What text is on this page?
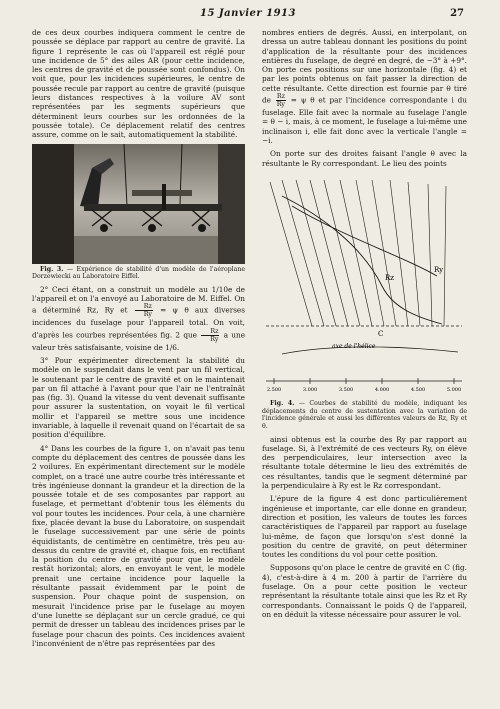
15 Janvier 1913	27

de ces deux courbes indiquera comment le centre de poussée se déplace par rapport au centre de gravité. La figure 1 représente le cas où l'appareil est réglé pour une incidence de 5° des ailes AR (pour cette incidence, les centres de gravité et de poussée sont confondus). On voit que, pour les incidences supérieures, le centre de poussée recule par rapport au centre de gravité (puisque leurs distances respectives à la voilure AV sont représentées par les segments supérieurs que déterminent leurs courbes sur les ordonnées de la poussée totale). Ce déplacement relatif des centres assure, comme on le sait, automatiquement la stabilité.

Fig. 3. — Expérience de stabilité d'un modèle de l'aéroplane Dorzewiecki au Laboratoire Eiffel.

2° Ceci étant, on a construit un modèle au 1/10e de l'appareil et on l'a envoyé au Laboratoire de M. Eiffel. On a déterminé Rz, Ry et $\frac{Rz}{Ry} = \psi$ θ aux diverses incidences du fuselage pour l'appareil total. On voit, d'après les courbes représentées fig. 2 que $\frac{Rz}{Ry}$ a une valeur très satisfaisante, voisine de 1/6.

3° Pour expérimenter directement la stabilité du modèle on le suspendait dans le vent par un fil vertical, le soutenant par le centre de gravité et on le maintenait par un fil attaché à l'avant pour que l'air ne l'entraînât pas (fig. 3). Quand la vitesse du vent devenait suffisante pour assurer la sustentation, on voyait le fil vertical mollir et l'appareil se mettre sous une incidence invariable, à laquelle il revenait quand on l'écartait de sa position d'équilibre.

4° Dans les courbes de la figure 1, on n'avait pas tenu compte du déplacement des centres de poussée dans les 2 voilures. En expérimentant directement sur le modèle complet, on a tracé une autre courbe très intéressante et très ingénieuse donnant la grandeur et la direction de la poussée totale et de ses composantes par rapport au fuselage, et permettant d'obtenir tous les éléments du vol pour toutes les incidences. Pour cela, à une charnière fixe, placée devant la buse du Laboratoire, on suspendait le fuselage successivement par une série de points équidistants, de centimètre en centimètre, très peu au-dessus du centre de gravité et, chaque fois, en rectifiant la position du centre de gravité pour que le modèle restât horizontal; alors, en envoyant le vent, le modèle prenait une certaine incidence pour laquelle la résultante passait évidemment par le point de suspension. Pour chaque point de suspension, on mesurait l'incidence prise par le fuselage au moyen d'une lunette se déplaçant sur un cercle gradué, ce qui permit de dresser un tableau des incidences prises par le fuselage pour chacun des points. Ces incidences avaient l'inconvénient de n'être pas représentées par des

nombres entiers de degrés. Aussi, en interpolant, on dressa un autre tableau donnant les positions du point d'application de la résultante pour des incidences entières du fuselage, de degré en degré, de −3° à +9°. On porte ces positions sur une horizontale (fig. 4) et par les points obtenus on fait passer la direction de cette résultante. Cette direction est fournie par θ tiré de $\frac{Rz}{Ry} = \psi$ θ et par l'incidence correspondante i du fuselage. Elle fait avec la normale au fuselage l'angle = θ − i, mais, à ce moment, le fuselage a lui-même une inclinaison i, elle fait donc avec la verticale l'angle = −i.

On porte sur des droites faisant l'angle θ avec la résultante le Ry correspondant. Le lieu des points

Rz
Ry
axe de l'hélice
C
2.500	3.000	3.500	4.000	4.500	5.000

Fig. 4. — Courbes de stabilité du modèle, indiquant les déplacements du centre de sustentation avec la variation de l'incidence générale et aussi les différentes valeurs de Rz, Ry et θ.

ainsi obtenus est la courbe des Ry par rapport au fuselage. Si, à l'extrémité de ces vecteurs Ry, on élève des perpendiculaires, leur intersection avec la résultante totale détermine le lieu des extrémités de ces résultantes, tandis que le segment déterminé par la perpendiculaire à Ry est le Rz correspondant.

L'épure de la figure 4 est donc particulièrement ingénieuse et importante, car elle donne en grandeur, direction et position, les valeurs de toutes les forces caractéristiques de l'appareil par rapport au fuselage lui-même, de façon que lorsqu'on s'est donné la position du centre de gravité, on peut déterminer toutes les conditions du vol pour cette position.

Supposons qu'on place le centre de gravité en C (fig. 4), c'est-à-dire à 4 m. 200 à partir de l'arrière du fuselage. On a pour cette position le vecteur représentant la résultante totale ainsi que les Rz et Ry correspondants. Connaissant le poids Q de l'appareil, on en déduit la vitesse nécessaire pour assurer le vol.
